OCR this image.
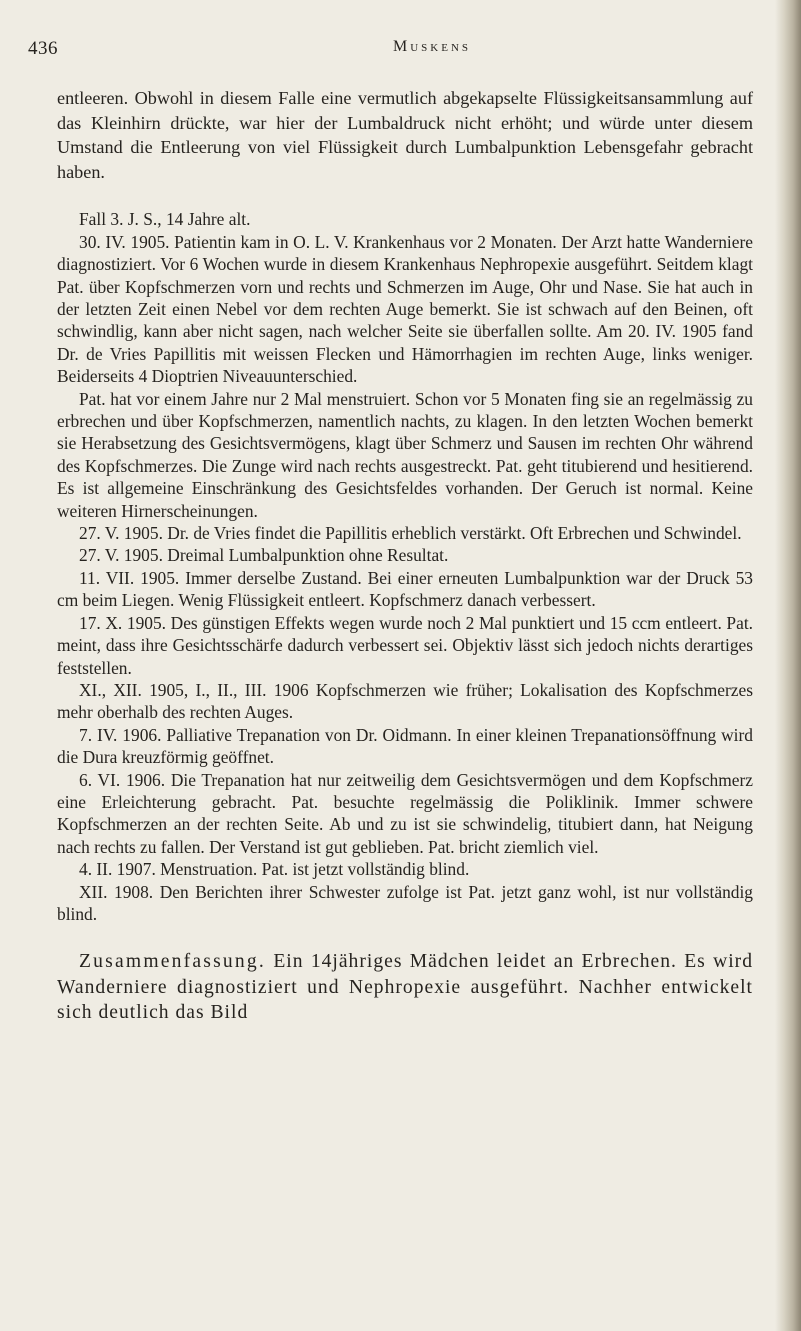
436	Muskens

entleeren. Obwohl in diesem Falle eine vermutlich abgekapselte Flüssigkeitsansammlung auf das Kleinhirn drückte, war hier der Lumbaldruck nicht erhöht; und würde unter diesem Umstand die Entleerung von viel Flüssigkeit durch Lumbalpunktion Lebensgefahr gebracht haben.

Fall 3. J. S., 14 Jahre alt.

30. IV. 1905. Patientin kam in O. L. V. Krankenhaus vor 2 Monaten. Der Arzt hatte Wanderniere diagnostiziert. Vor 6 Wochen wurde in diesem Krankenhaus Nephropexie ausgeführt. Seitdem klagt Pat. über Kopfschmerzen vorn und rechts und Schmerzen im Auge, Ohr und Nase. Sie hat auch in der letzten Zeit einen Nebel vor dem rechten Auge bemerkt. Sie ist schwach auf den Beinen, oft schwindlig, kann aber nicht sagen, nach welcher Seite sie überfallen sollte. Am 20. IV. 1905 fand Dr. de Vries Papillitis mit weissen Flecken und Hämorrhagien im rechten Auge, links weniger. Beiderseits 4 Dioptrien Niveauunterschied.

Pat. hat vor einem Jahre nur 2 Mal menstruiert. Schon vor 5 Monaten fing sie an regelmässig zu erbrechen und über Kopfschmerzen, namentlich nachts, zu klagen. In den letzten Wochen bemerkt sie Herabsetzung des Gesichtsvermögens, klagt über Schmerz und Sausen im rechten Ohr während des Kopfschmerzes. Die Zunge wird nach rechts ausgestreckt. Pat. geht titubierend und hesitierend. Es ist allgemeine Einschränkung des Gesichtsfeldes vorhanden. Der Geruch ist normal. Keine weiteren Hirnerscheinungen.

27. V. 1905. Dr. de Vries findet die Papillitis erheblich verstärkt. Oft Erbrechen und Schwindel.

27. V. 1905. Dreimal Lumbalpunktion ohne Resultat.

11. VII. 1905. Immer derselbe Zustand. Bei einer erneuten Lumbalpunktion war der Druck 53 cm beim Liegen. Wenig Flüssigkeit entleert. Kopfschmerz danach verbessert.

17. X. 1905. Des günstigen Effekts wegen wurde noch 2 Mal punktiert und 15 ccm entleert. Pat. meint, dass ihre Gesichtsschärfe dadurch verbessert sei. Objektiv lässt sich jedoch nichts derartiges feststellen.

XI., XII. 1905, I., II., III. 1906 Kopfschmerzen wie früher; Lokalisation des Kopfschmerzes mehr oberhalb des rechten Auges.

7. IV. 1906. Palliative Trepanation von Dr. Oidmann. In einer kleinen Trepanationsöffnung wird die Dura kreuzförmig geöffnet.

6. VI. 1906. Die Trepanation hat nur zeitweilig dem Gesichtsvermögen und dem Kopfschmerz eine Erleichterung gebracht. Pat. besuchte regelmässig die Poliklinik. Immer schwere Kopfschmerzen an der rechten Seite. Ab und zu ist sie schwindelig, titubiert dann, hat Neigung nach rechts zu fallen. Der Verstand ist gut geblieben. Pat. bricht ziemlich viel.

4. II. 1907. Menstruation. Pat. ist jetzt vollständig blind.

XII. 1908. Den Berichten ihrer Schwester zufolge ist Pat. jetzt ganz wohl, ist nur vollständig blind.

Zusammenfassung. Ein 14jähriges Mädchen leidet an Erbrechen. Es wird Wanderniere diagnostiziert und Nephropexie ausgeführt. Nachher entwickelt sich deutlich das Bild
